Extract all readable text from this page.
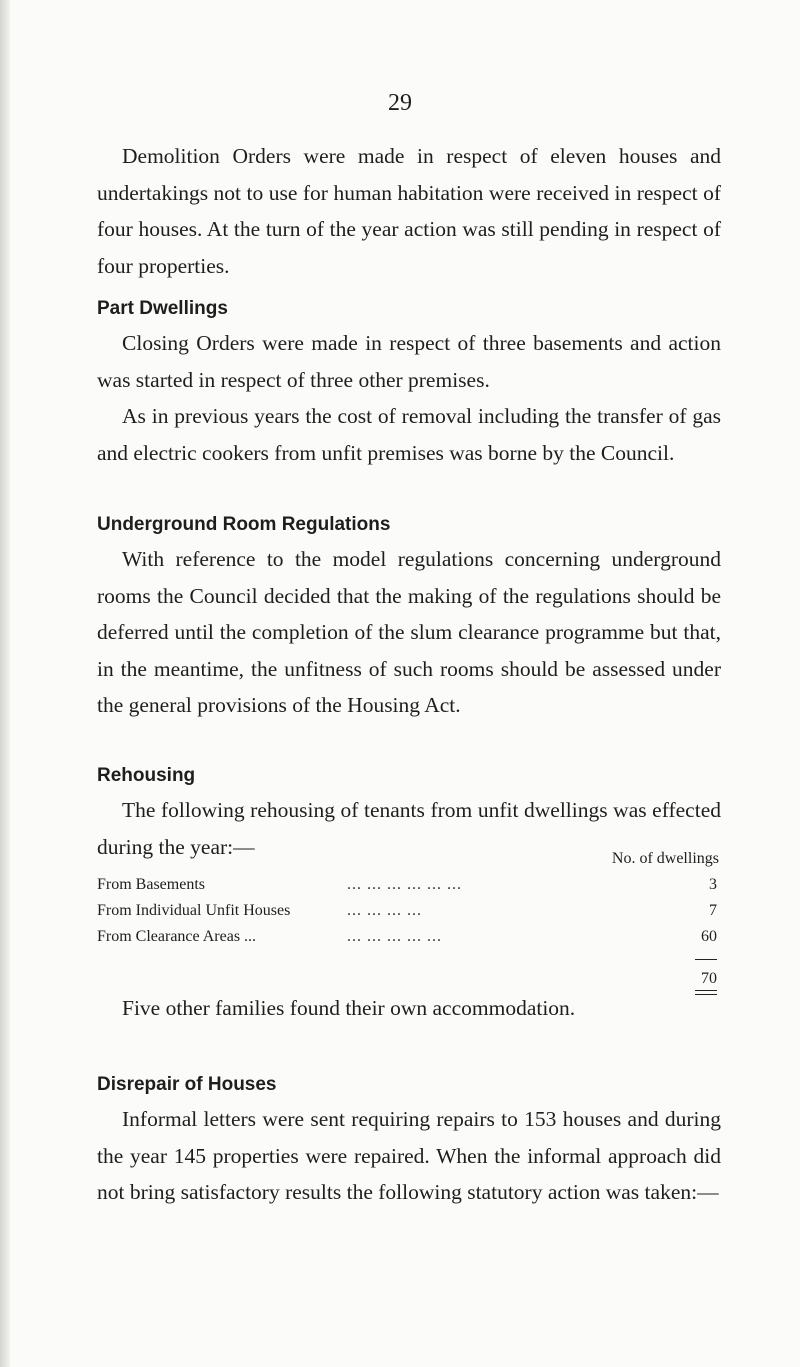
29

Demolition Orders were made in respect of eleven houses and undertakings not to use for human habitation were received in respect of four houses. At the turn of the year action was still pending in respect of four properties.

Part Dwellings

Closing Orders were made in respect of three basements and action was started in respect of three other premises.

As in previous years the cost of removal including the transfer of gas and electric cookers from unfit premises was borne by the Council.

Underground Room Regulations

With reference to the model regulations concerning underground rooms the Council decided that the making of the regulations should be deferred until the completion of the slum clearance programme but that, in the meantime, the unfitness of such rooms should be assessed under the general provisions of the Housing Act.

Rehousing

The following rehousing of tenants from unfit dwellings was effected during the year:—	No. of dwellings
From Basements	... ... ... ... ... ...	3
From Individual Unfit Houses	... ... ... ...	7
From Clearance Areas ...	... ... ... ... ...	60
70

Five other families found their own accommodation.

Disrepair of Houses

Informal letters were sent requiring repairs to 153 houses and during the year 145 properties were repaired. When the informal approach did not bring satisfactory results the following statutory action was taken:—
